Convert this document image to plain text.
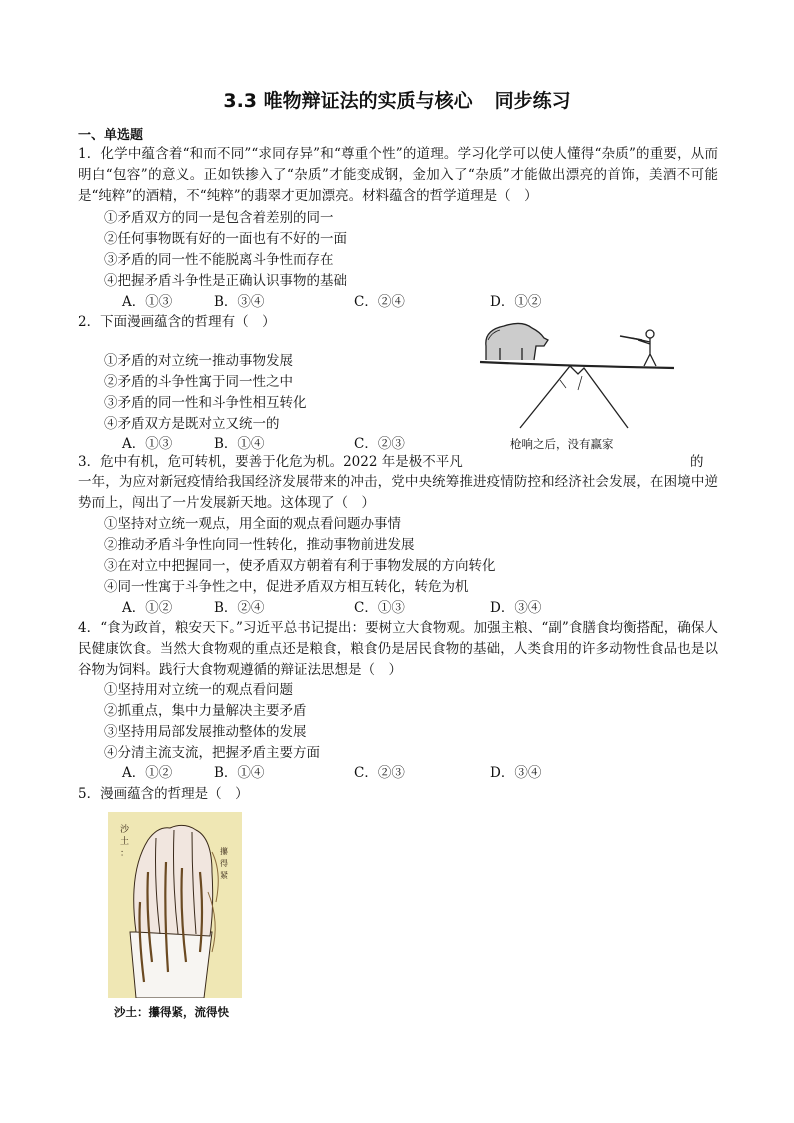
3.3 唯物辩证法的实质与核心 同步练习
一、单选题
1．化学中蕴含着“和而不同”“求同存异”和“尊重个性”的道理。学习化学可以使人懂得“杂质”的重要，从而明白“包容”的意义。正如铁掺入了“杂质”才能变成钢，金加入了“杂质”才能做出漂亮的首饰，美酒不可能是“纯粹”的酒精，不“纯粹”的翡翠才更加漂亮。材料蕴含的哲学道理是（　）
①矛盾双方的同一是包含着差别的同一
②任何事物既有好的一面也有不好的一面
③矛盾的同一性不能脱离斗争性而存在
④把握矛盾斗争性是正确认识事物的基础
A．①③	B．③④	C．②④	D．①②
2．下面漫画蕴含的哲理有（　）
①矛盾的对立统一推动事物发展
②矛盾的斗争性寓于同一性之中
③矛盾的同一性和斗争性相互转化
④矛盾双方是既对立又统一的
A．①③	B．①④	C．②③	枪响之后，没有赢家
3．危中有机，危可转机，要善于化危为机。2022 年是极不平凡	的
一年，为应对新冠疫情给我国经济发展带来的冲击，党中央统筹推进疫情防控和经济社会发展，在困境中逆势而上，闯出了一片发展新天地。这体现了（　）
①坚持对立统一观点，用全面的观点看问题办事情
②推动矛盾斗争性向同一性转化，推动事物前进发展
③在对立中把握同一，使矛盾双方朝着有利于事物发展的方向转化
④同一性寓于斗争性之中，促进矛盾双方相互转化，转危为机
A．①②	B．②④	C．①③	D．③④
4．“食为政首，粮安天下。”习近平总书记提出：要树立大食物观。加强主粮、“副”食膳食均衡搭配，确保人民健康饮食。当然大食物观的重点还是粮食，粮食仍是居民食物的基础，人类食用的许多动物性食品也是以谷物为饲料。践行大食物观遵循的辩证法思想是（　）
①坚持用对立统一的观点看问题
②抓重点，集中力量解决主要矛盾
③坚持用局部发展推动整体的发展
④分清主流支流，把握矛盾主要方面
A．①②	B．①④	C．②③	D．③④
5．漫画蕴含的哲理是（　）
沙
土
：	攥
得
紧
沙土：攥得紧，流得快
